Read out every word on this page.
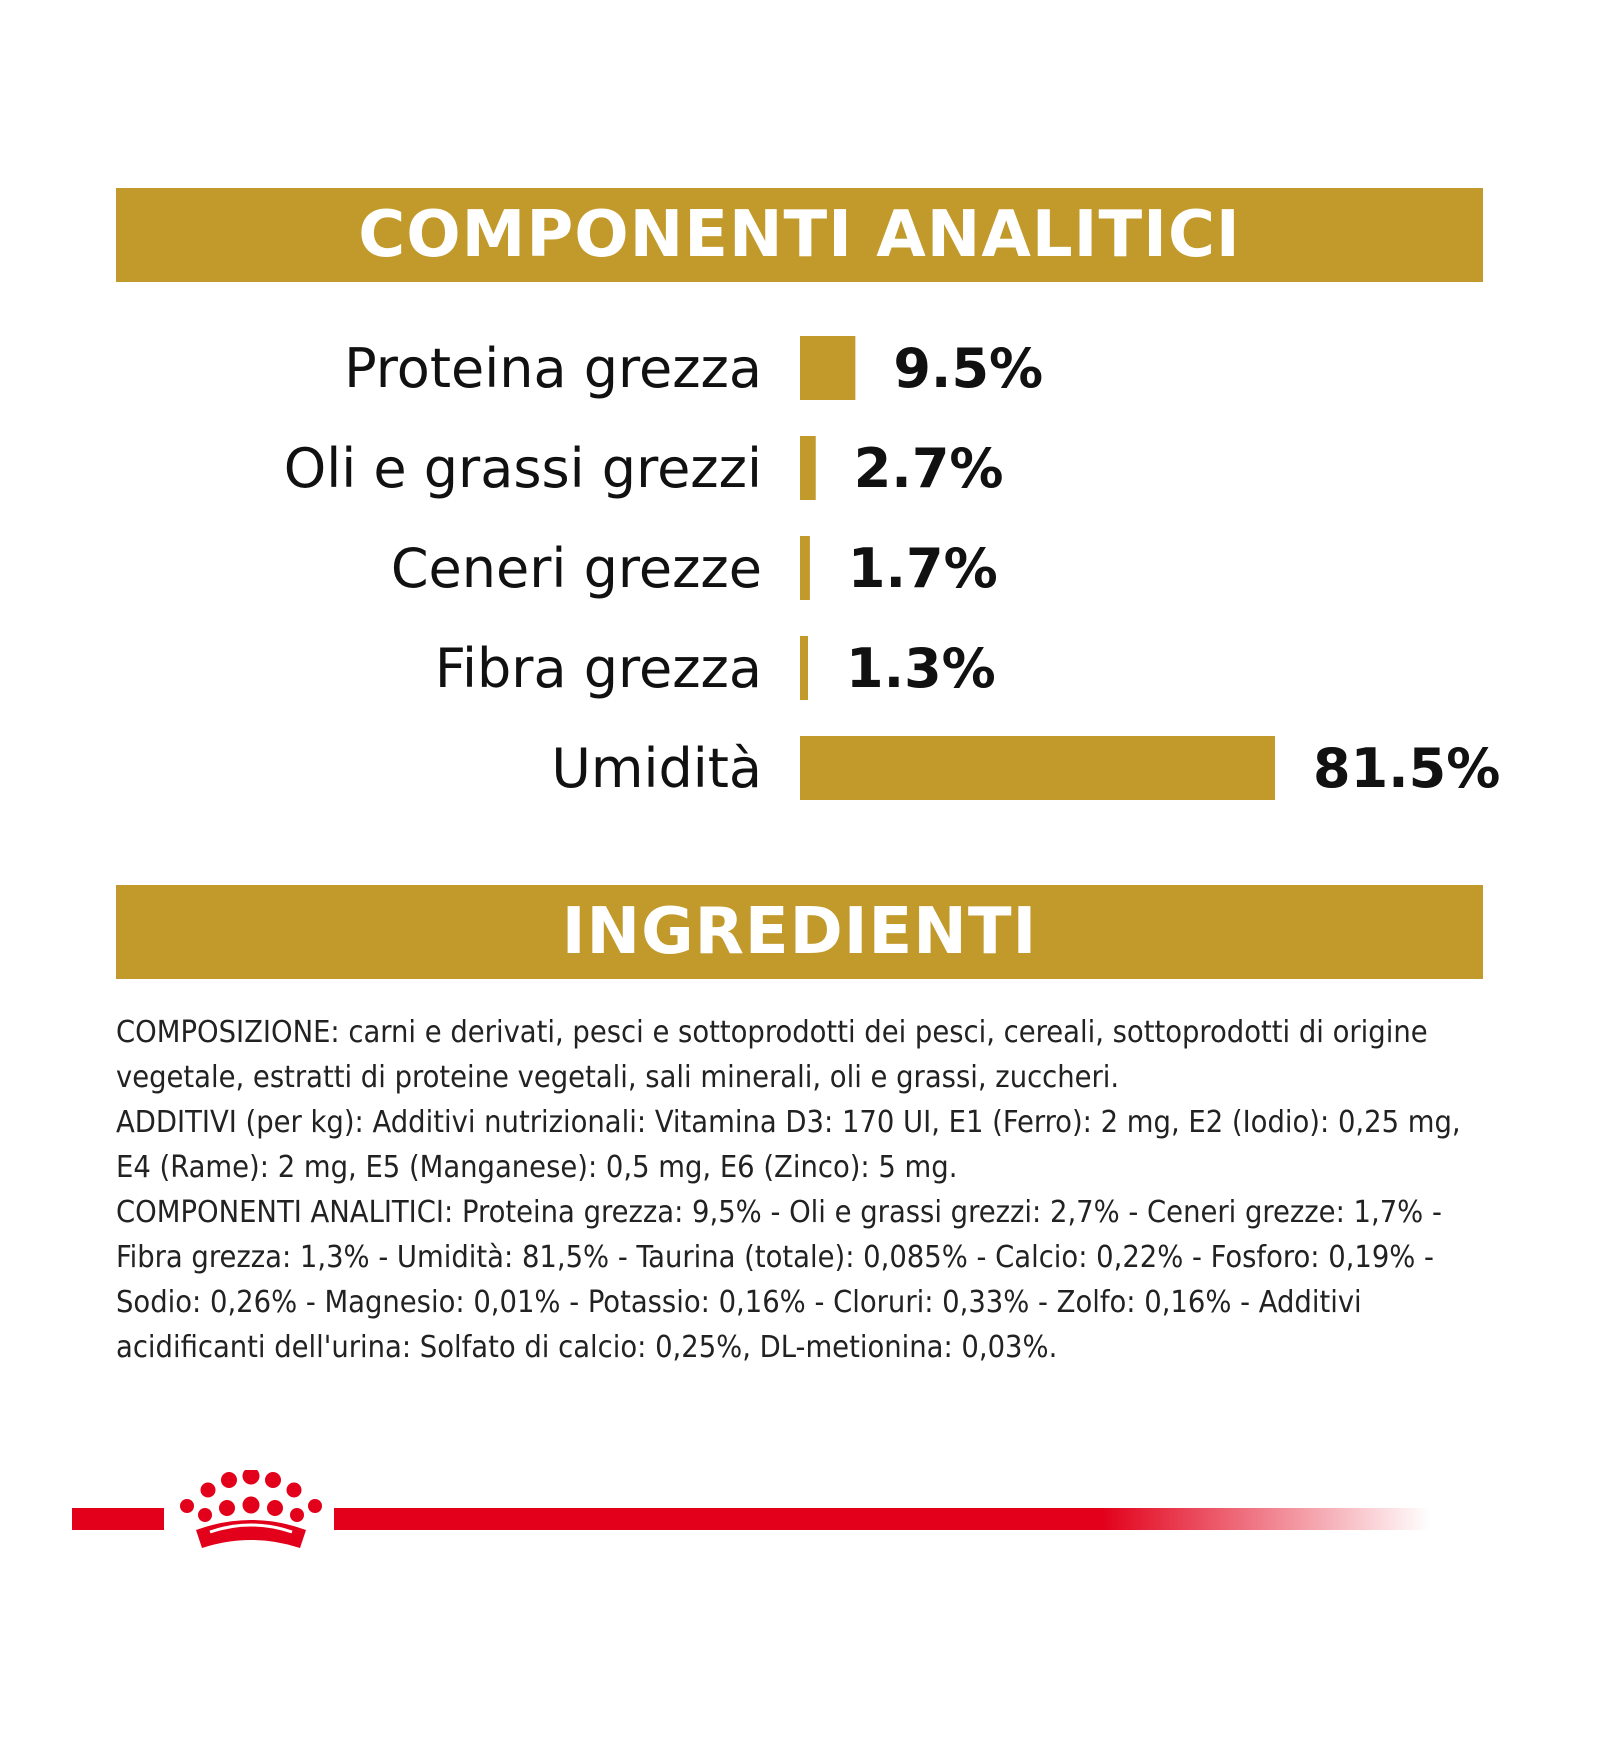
COMPONENTI ANALITICI
Proteina grezza 9.5%
Oli e grassi grezzi 2.7%
Ceneri grezze 1.7%
Fibra grezza 1.3%
Umidità	81.5%
INGREDIENTI

COMPOSIZIONE: carni e derivati, pesci e sottoprodotti dei pesci, cereali, sottoprodotti di origine vegetale, estratti di proteine vegetali, sali minerali, oli e grassi, zuccheri.

ADDITIVI (per kg): Additivi nutrizionali: Vitamina D3: 170 UI, E1 (Ferro): 2 mg, E2 (Iodio): 0,25 mg, E4 (Rame): 2 mg, E5 (Manganese): 0,5 mg, E6 (Zinco): 5 mg.

COMPONENTI ANALITICI: Proteina grezza: 9,5% - Oli e grassi grezzi: 2,7% - Ceneri grezze: 1,7% - Fibra grezza: 1,3% - Umidità: 81,5% - Taurina (totale): 0,085% - Calcio: 0,22% - Fosforo: 0,19% - Sodio: 0,26% - Magnesio: 0,01% - Potassio: 0,16% - Cloruri: 0,33% - Zolfo: 0,16% - Additivi acidificanti dell'urina: Solfato di calcio: 0,25%, DL-metionina: 0,03%.
